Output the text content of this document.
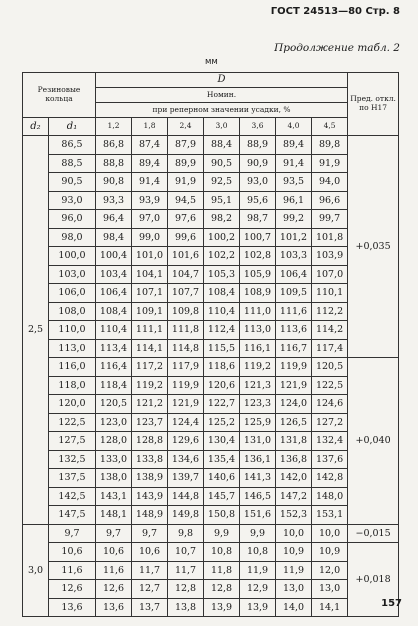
ГОСТ 24513—80 Стр. 8
Продолжение табл. 2
мм
Резиновые кольца		D							Пред. откл. по H17
		Номин.							
		при реперном значении усадки, %							
d₂	d₁	1,2	1,8	2,4	3,0	3,6	4,0	4,5	
2,5	86,5	86,8	87,4	87,9	88,4	88,9	89,4	89,8	+0,035
	88,5	88,8	89,4	89,9	90,5	90,9	91,4	91,9	
	90,5	90,8	91,4	91,9	92,5	93,0	93,5	94,0	
	93,0	93,3	93,9	94,5	95,1	95,6	96,1	96,6	
	96,0	96,4	97,0	97,6	98,2	98,7	99,2	99,7	
	98,0	98,4	99,0	99,6	100,2	100,7	101,2	101,8	
	100,0	100,4	101,0	101,6	102,2	102,8	103,3	103,9	
	103,0	103,4	104,1	104,7	105,3	105,9	106,4	107,0	
	106,0	106,4	107,1	107,7	108,4	108,9	109,5	110,1	
	108,0	108,4	109,1	109,8	110,4	111,0	111,6	112,2	
	110,0	110,4	111,1	111,8	112,4	113,0	113,6	114,2	
	113,0	113,4	114,1	114,8	115,5	116,1	116,7	117,4	
	116,0	116,4	117,2	117,9	118,6	119,2	119,9	120,5	+0,040
	118,0	118,4	119,2	119,9	120,6	121,3	121,9	122,5	
	120,0	120,5	121,2	121,9	122,7	123,3	124,0	124,6	
	122,5	123,0	123,7	124,4	125,2	125,9	126,5	127,2	
	127,5	128,0	128,8	129,6	130,4	131,0	131,8	132,4	
	132,5	133,0	133,8	134,6	135,4	136,1	136,8	137,6	
	137,5	138,0	138,9	139,7	140,6	141,3	142,0	142,8	
	142,5	143,1	143,9	144,8	145,7	146,5	147,2	148,0	
	147,5	148,1	148,9	149,8	150,8	151,6	152,3	153,1	
3,0	9,7	9,7	9,7	9,8	9,9	9,9	10,0	10,0	−0,015
	10,6	10,6	10,6	10,7	10,8	10,8	10,9	10,9	+0,018
	11,6	11,6	11,7	11,7	11,8	11,9	11,9	12,0	
	12,6	12,6	12,7	12,8	12,8	12,9	13,0	13,0	
	13,6	13,6	13,7	13,8	13,9	13,9	14,0	14,1		157
